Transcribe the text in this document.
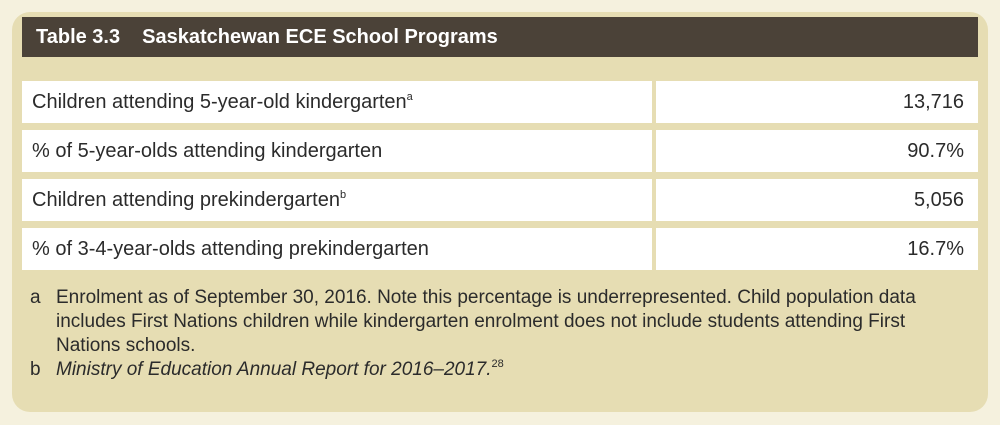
Table 3.3 Saskatchewan ECE School Programs
Children attending 5-year-old kindergarten$^a$	13,716
% of 5-year-olds attending kindergarten	90.7%
Children attending prekindergarten$^b$	5,056
% of 3-4-year-olds attending prekindergarten	16.7%
a Enrolment as of September 30, 2016. Note this percentage is underrepresented. Child population data includes First Nations children while kindergarten enrolment does not include students attending First Nations schools.
b Ministry of Education Annual Report for 2016–2017.28
